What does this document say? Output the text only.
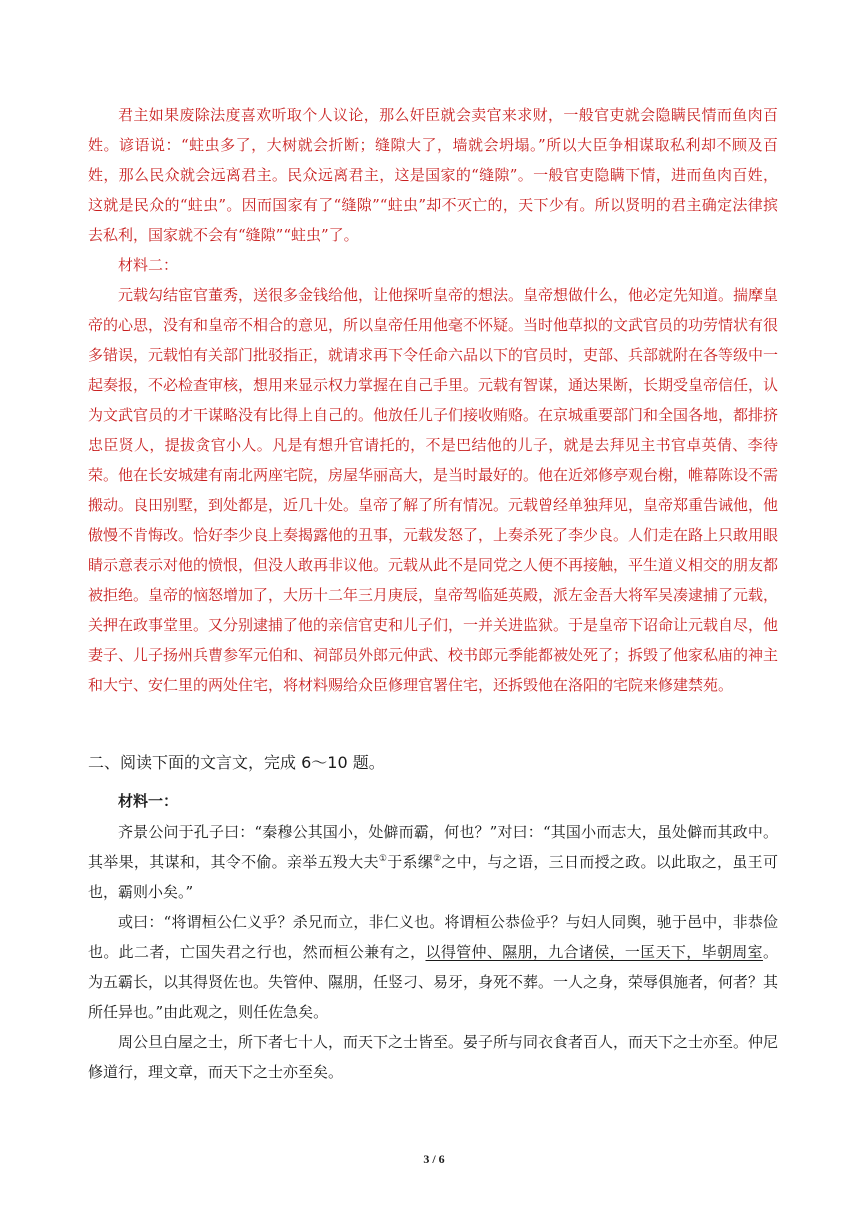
君主如果废除法度喜欢听取个人议论，那么奸臣就会卖官来求财，一般官吏就会隐瞒民情而鱼肉百姓。谚语说：“蛀虫多了，大树就会折断；缝隙大了，墙就会坍塌。”所以大臣争相谋取私利却不顾及百姓，那么民众就会远离君主。民众远离君主，这是国家的“缝隙”。一般官吏隐瞒下情，进而鱼肉百姓，这就是民众的“蛀虫”。因而国家有了“缝隙”“蛀虫”却不灭亡的，天下少有。所以贤明的君主确定法律摈去私利，国家就不会有“缝隙”“蛀虫”了。

材料二：

元载勾结宦官董秀，送很多金钱给他，让他探听皇帝的想法。皇帝想做什么，他必定先知道。揣摩皇帝的心思，没有和皇帝不相合的意见，所以皇帝任用他毫不怀疑。当时他草拟的文武官员的功劳情状有很多错误，元载怕有关部门批驳指正，就请求再下令任命六品以下的官员时，吏部、兵部就附在各等级中一起奏报，不必检查审核，想用来显示权力掌握在自己手里。元载有智谋，通达果断，长期受皇帝信任，认为文武官员的才干谋略没有比得上自己的。他放任儿子们接收贿赂。在京城重要部门和全国各地，都排挤忠臣贤人，提拔贪官小人。凡是有想升官请托的，不是巴结他的儿子，就是去拜见主书官卓英倩、李待荣。他在长安城建有南北两座宅院，房屋华丽高大，是当时最好的。他在近郊修亭观台榭，帷幕陈设不需搬动。良田别墅，到处都是，近几十处。皇帝了解了所有情况。元载曾经单独拜见，皇帝郑重告诫他，他傲慢不肯悔改。恰好李少良上奏揭露他的丑事，元载发怒了，上奏杀死了李少良。人们走在路上只敢用眼睛示意表示对他的愤恨，但没人敢再非议他。元载从此不是同党之人便不再接触，平生道义相交的朋友都被拒绝。皇帝的恼怒增加了，大历十二年三月庚辰，皇帝驾临延英殿，派左金吾大将军吴凑逮捕了元载，关押在政事堂里。又分别逮捕了他的亲信官吏和儿子们，一并关进监狱。于是皇帝下诏命让元载自尽，他妻子、儿子扬州兵曹参军元伯和、祠部员外郎元仲武、校书郎元季能都被处死了；拆毁了他家私庙的神主和大宁、安仁里的两处住宅，将材料赐给众臣修理官署住宅，还拆毁他在洛阳的宅院来修建禁苑。

二、阅读下面的文言文，完成 6～10 题。

材料一：

齐景公问于孔子曰：“秦穆公其国小，处僻而霸，何也？”对曰：“其国小而志大，虽处僻而其政中。其举果，其谋和，其令不偷。亲举五羖大夫①于系缧②之中，与之语，三日而授之政。以此取之，虽王可也，霸则小矣。”

或曰：“将谓桓公仁义乎？杀兄而立，非仁义也。将谓桓公恭俭乎？与妇人同舆，驰于邑中，非恭俭也。此二者，亡国失君之行也，然而桓公兼有之，以得管仲、隰朋，九合诸侯，一匡天下，毕朝周室。为五霸长，以其得贤佐也。失管仲、隰朋，任竖刁、易牙，身死不葬。一人之身，荣辱俱施者，何者？其所任异也。”由此观之，则任佐急矣。

周公旦白屋之士，所下者七十人，而天下之士皆至。晏子所与同衣食者百人，而天下之士亦至。仲尼修道行，理文章，而天下之士亦至矣。

3 / 6
